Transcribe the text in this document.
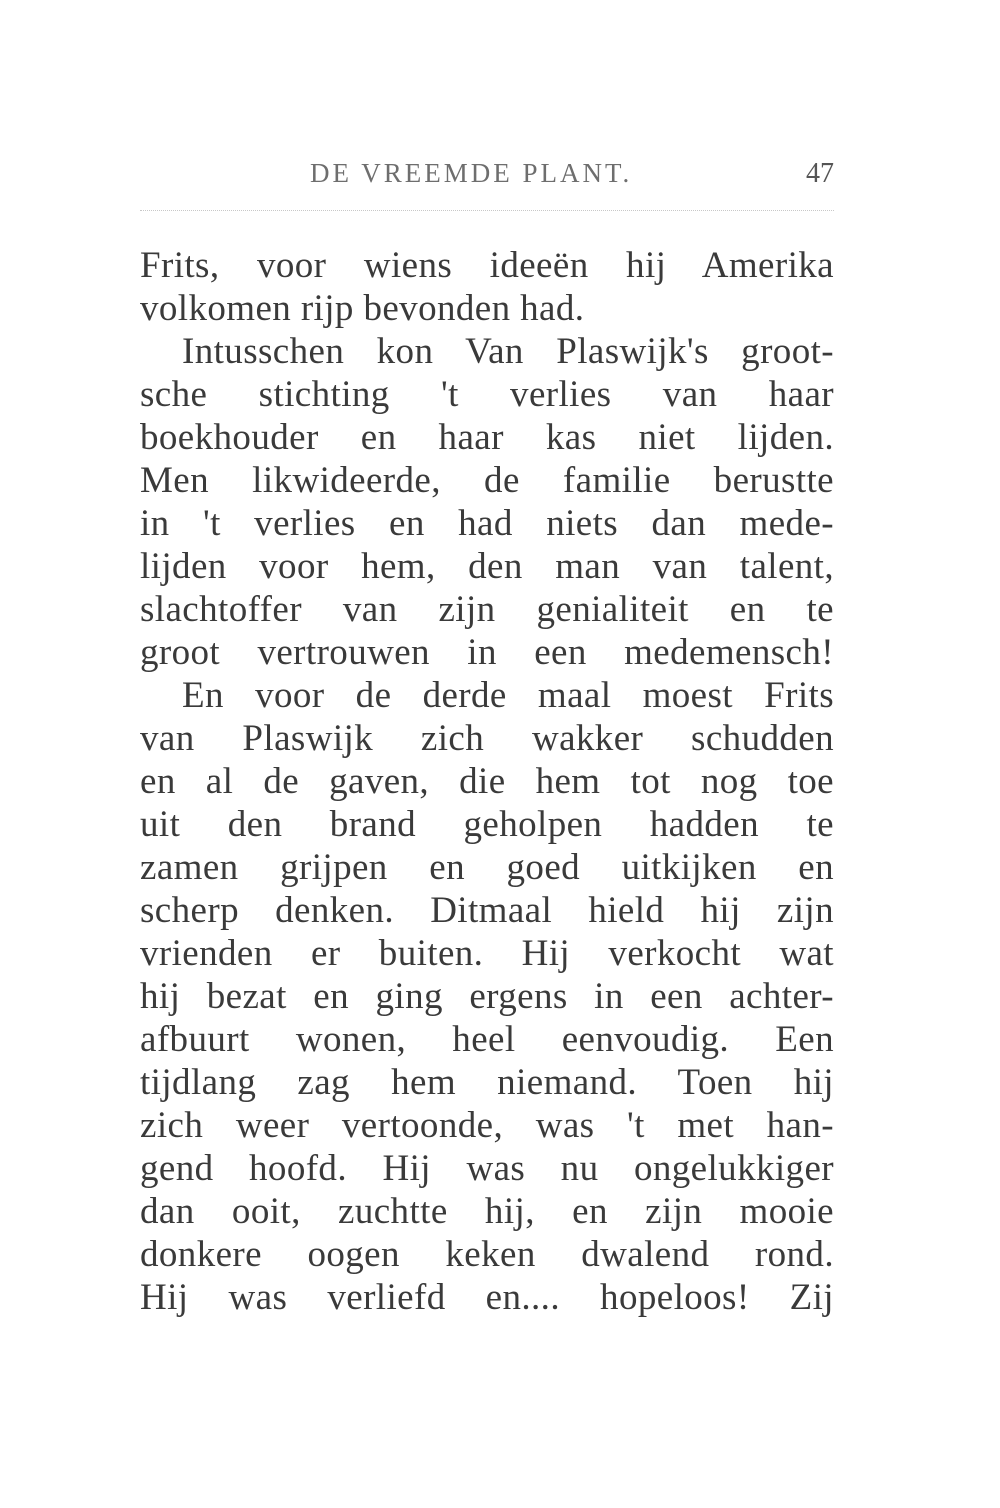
DE VREEMDE PLANT.	47
Frits, voor wiens ideeën hij Amerika
volkomen rijp bevonden had.
Intusschen kon Van Plaswijk's groot-
sche stichting 't verlies van haar
boekhouder en haar kas niet lijden.
Men likwideerde, de familie berustte
in 't verlies en had niets dan mede-
lijden voor hem, den man van talent,
slachtoffer van zijn genialiteit en te
groot vertrouwen in een medemensch!
En voor de derde maal moest Frits
van Plaswijk zich wakker schudden
en al de gaven, die hem tot nog toe
uit den brand geholpen hadden te
zamen grijpen en goed uitkijken en
scherp denken. Ditmaal hield hij zijn
vrienden er buiten. Hij verkocht wat
hij bezat en ging ergens in een achter-
afbuurt wonen, heel eenvoudig. Een
tijdlang zag hem niemand. Toen hij
zich weer vertoonde, was 't met han-
gend hoofd. Hij was nu ongelukkiger
dan ooit, zuchtte hij, en zijn mooie
donkere oogen keken dwalend rond.
Hij was verliefd en.... hopeloos! Zij
